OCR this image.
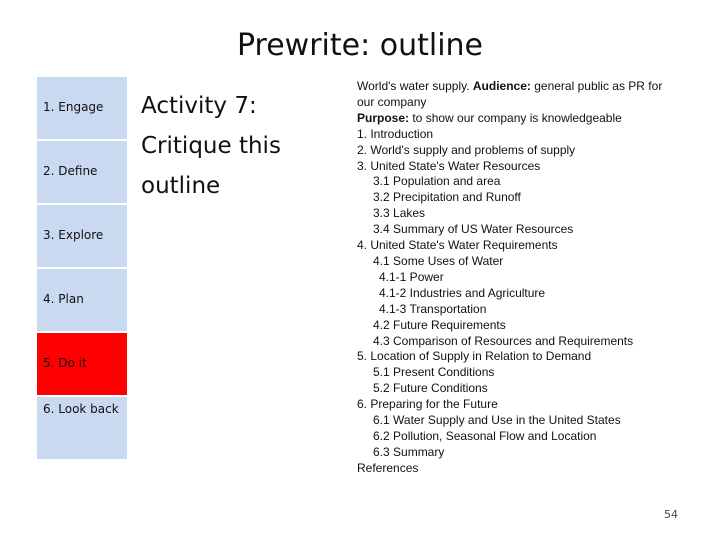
Prewrite: outline
1. Engage
2. Define
3. Explore
4. Plan
5. Do it
6. Look back
Activity 7:
Critique this
outline
World's water supply. Audience: general public as PR for
our company
Purpose: to show our company is knowledgeable
1. Introduction
2. World's supply and problems of supply
3. United State's Water Resources
3.1 Population and area
3.2 Precipitation and Runoff
3.3 Lakes
3.4 Summary of US Water Resources
4. United State's Water Requirements
4.1 Some Uses of Water
4.1-1 Power
4.1-2 Industries and Agriculture
4.1-3 Transportation
4.2 Future Requirements
4.3 Comparison of Resources and Requirements
5. Location of Supply in Relation to Demand
5.1 Present Conditions
5.2 Future Conditions
6. Preparing for the Future
6.1 Water Supply and Use in the United States
6.2 Pollution, Seasonal Flow and Location
6.3 Summary
References
54
